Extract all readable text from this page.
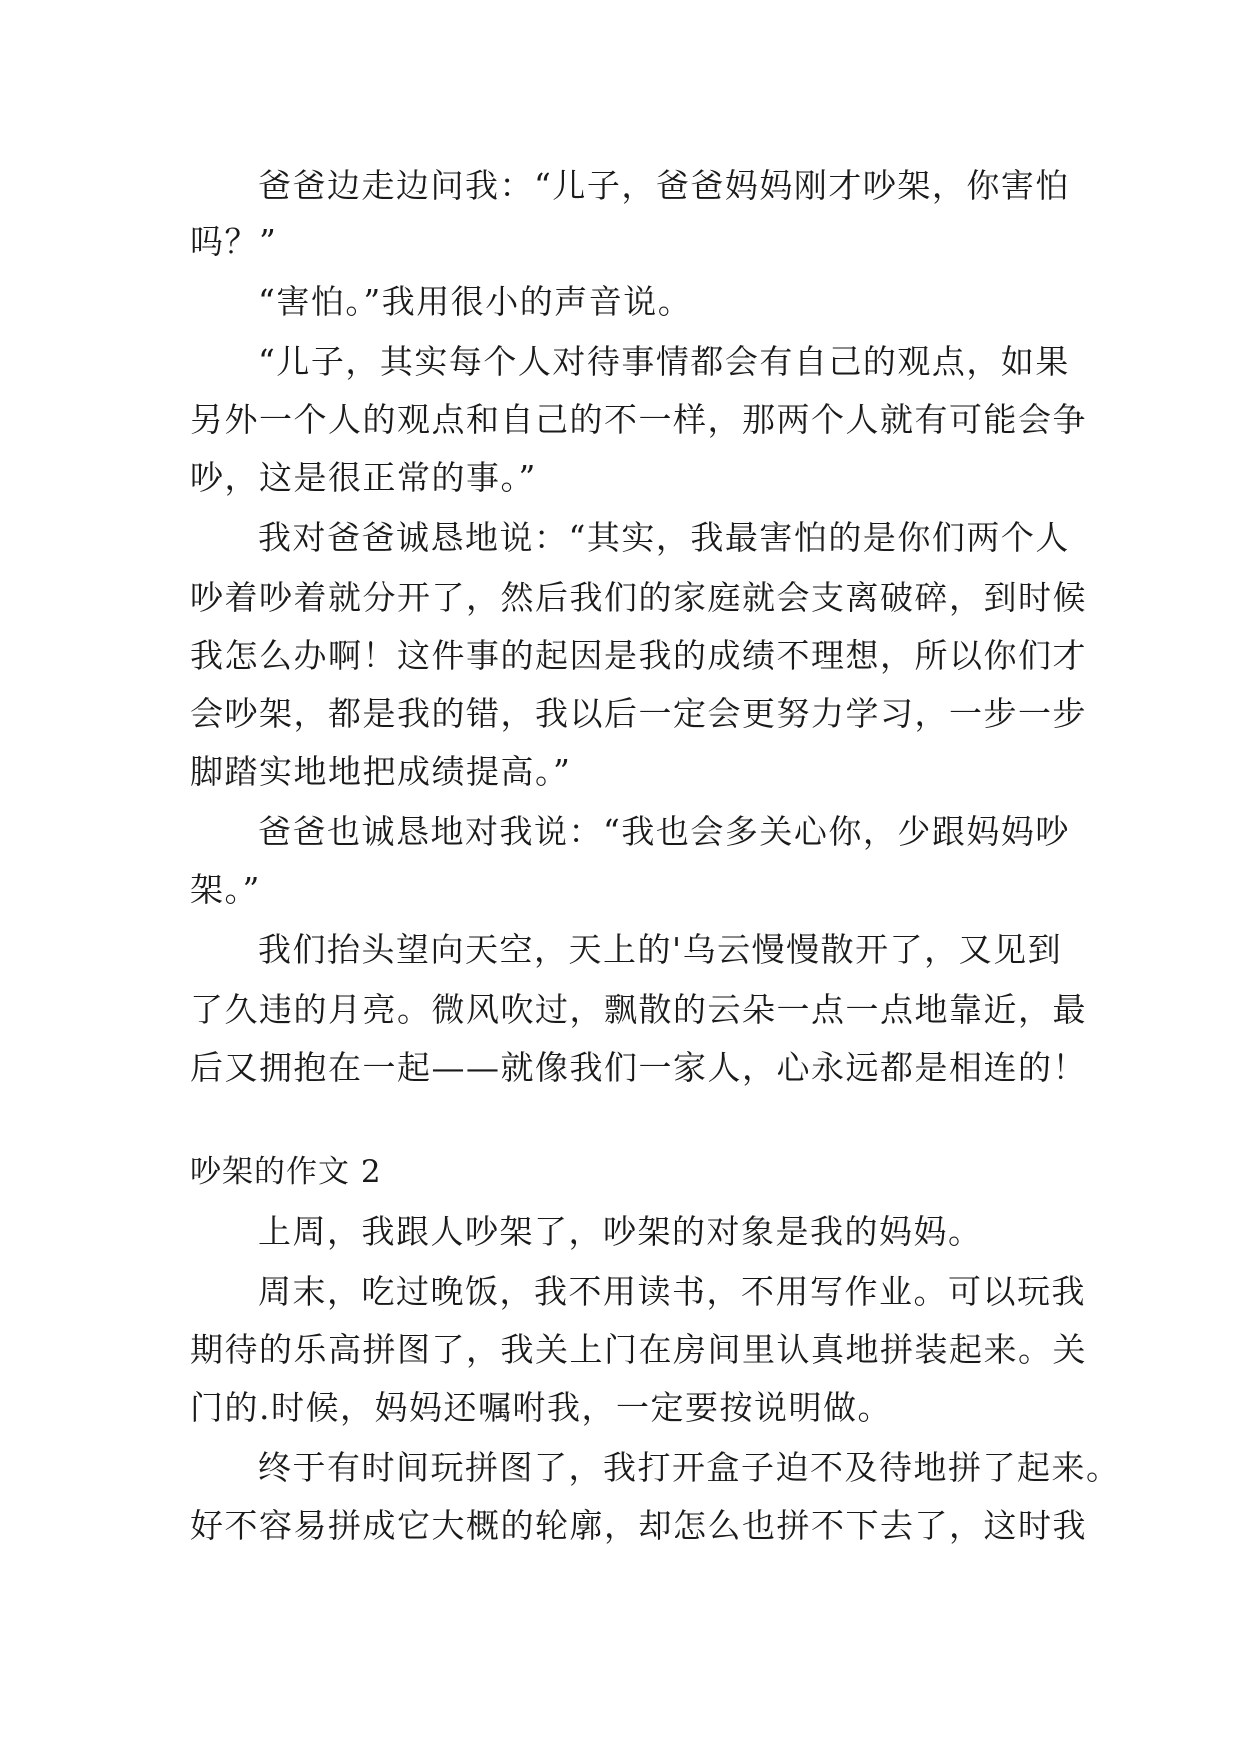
爸爸边走边问我：“儿子，爸爸妈妈刚才吵架，你害怕
吗？”
“害怕。”我用很小的声音说。
“儿子，其实每个人对待事情都会有自己的观点，如果
另外一个人的观点和自己的不一样，那两个人就有可能会争
吵，这是很正常的事。”
我对爸爸诚恳地说：“其实，我最害怕的是你们两个人
吵着吵着就分开了，然后我们的家庭就会支离破碎，到时候
我怎么办啊！这件事的起因是我的成绩不理想，所以你们才
会吵架，都是我的错，我以后一定会更努力学习，一步一步
脚踏实地地把成绩提高。”
爸爸也诚恳地对我说：“我也会多关心你，少跟妈妈吵
架。”
我们抬头望向天空，天上的'乌云慢慢散开了，又见到
了久违的月亮。微风吹过，飘散的云朵一点一点地靠近，最
后又拥抱在一起——就像我们一家人，心永远都是相连的！
吵架的作文 2
上周，我跟人吵架了，吵架的对象是我的妈妈。
周末，吃过晚饭，我不用读书，不用写作业。可以玩我
期待的乐高拼图了，我关上门在房间里认真地拼装起来。关
门的.时候，妈妈还嘱咐我，一定要按说明做。
终于有时间玩拼图了，我打开盒子迫不及待地拼了起来。
好不容易拼成它大概的轮廓，却怎么也拼不下去了，这时我
